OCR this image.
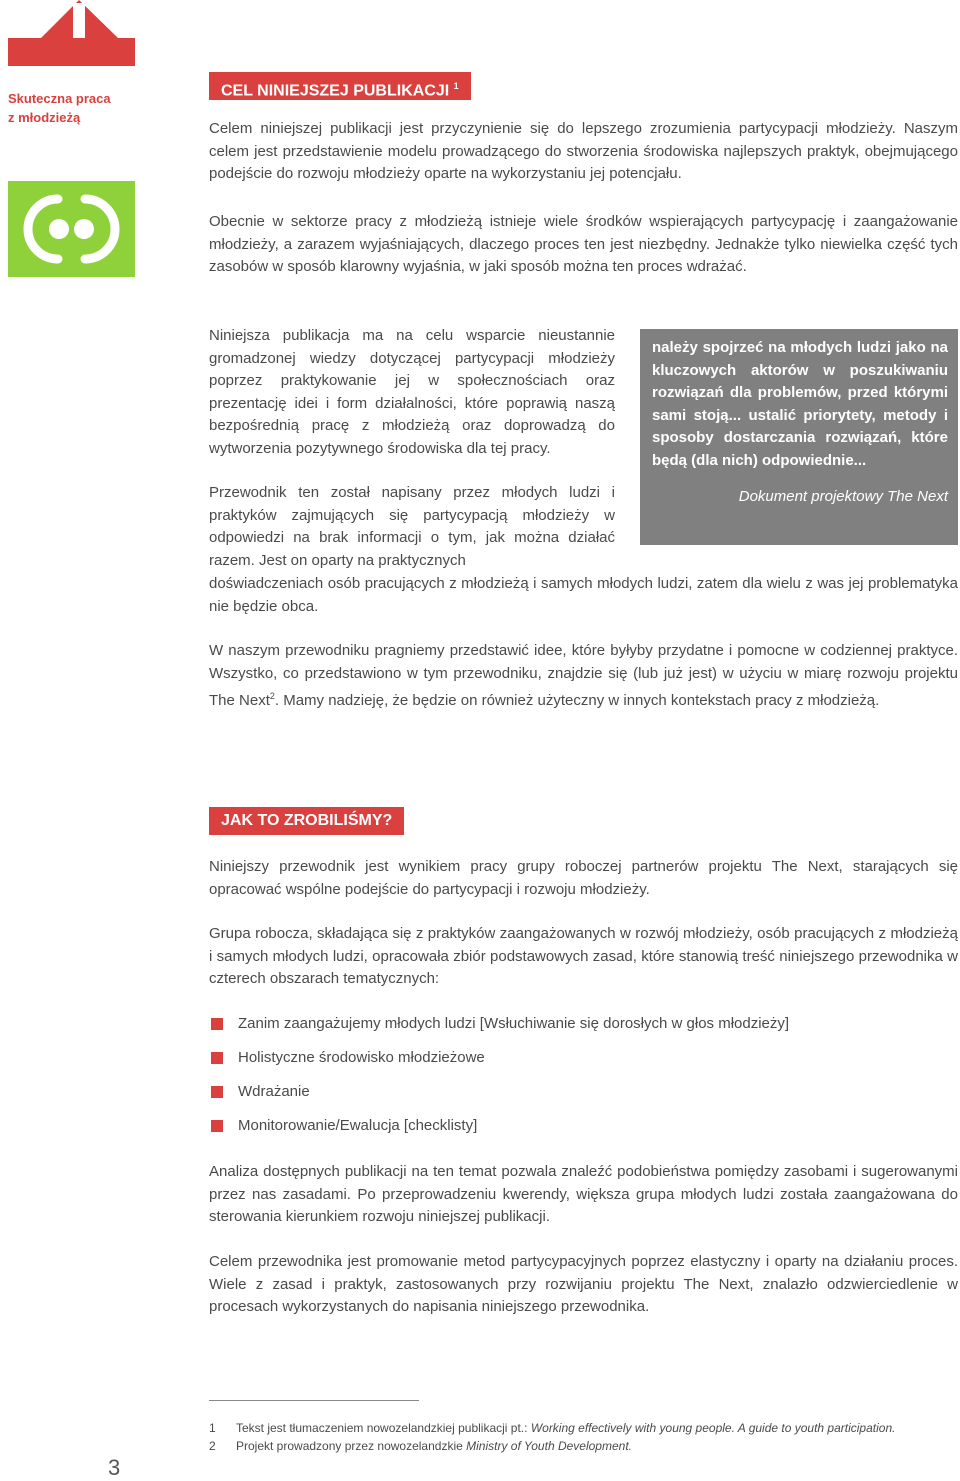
Skuteczna praca
z młodzieżą
CEL NINIEJSZEJ PUBLIKACJI $^1$
Celem niniejszej publikacji jest przyczynienie się do lepszego zrozumienia partycypacji młodzieży. Naszym celem jest przedstawienie modelu prowadzącego do stworzenia środowiska najlepszych praktyk, obejmującego podejście do rozwoju młodzieży oparte na wykorzystaniu jej potencjału.
Obecnie w sektorze pracy z młodzieżą istnieje wiele środków wspierających partycypację i zaangażowanie młodzieży, a zarazem wyjaśniających, dlaczego proces ten jest niezbędny. Jednakże tylko niewielka część tych zasobów w sposób klarowny wyjaśnia, w jaki sposób można ten proces wdrażać.
Niniejsza publikacja ma na celu wsparcie nieustannie gromadzonej wiedzy dotyczącej partycypacji młodzieży poprzez praktykowanie jej w społecznościach oraz prezentację idei i form działalności, które poprawią naszą bezpośrednią pracę z młodzieżą oraz doprowadzą do wytworzenia pozytywnego środowiska dla tej pracy.
Przewodnik ten został napisany przez młodych ludzi i praktyków zajmujących się partycypacją młodzieży w odpowiedzi na brak informacji o tym, jak można działać razem. Jest on oparty na praktycznych
doświadczeniach osób pracujących z młodzieżą i samych młodych ludzi, zatem dla wielu z was jej problematyka nie będzie obca.
należy spojrzeć na młodych ludzi jako na kluczowych aktorów w poszukiwaniu rozwiązań dla problemów, przed którymi sami stoją... ustalić priorytety, metody i sposoby dostarczania rozwiązań, które będą (dla nich) odpowiednie...
Dokument projektowy The Next
W naszym przewodniku pragniemy przedstawić idee, które byłyby przydatne i pomocne w codziennej praktyce. Wszystko, co przedstawiono w tym przewodniku, znajdzie się (lub już jest) w użyciu w miarę rozwoju projektu The Next$^2$. Mamy nadzieję, że będzie on również użyteczny w innych kontekstach pracy z młodzieżą.
JAK TO ZROBILIŚMY?
Niniejszy przewodnik jest wynikiem pracy grupy roboczej partnerów projektu The Next, starających się opracować wspólne podejście do partycypacji i rozwoju młodzieży.
Grupa robocza, składająca się z praktyków zaangażowanych w rozwój młodzieży, osób pracujących z młodzieżą i samych młodych ludzi, opracowała zbiór podstawowych zasad, które stanowią treść niniejszego przewodnika w czterech obszarach tematycznych:
Zanim zaangażujemy młodych ludzi [Wsłuchiwanie się dorosłych w głos młodzieży]
Holistyczne środowisko młodzieżowe
Wdrażanie
Monitorowanie/Ewalucja [checklisty]
Analiza dostępnych publikacji na ten temat pozwala znaleźć podobieństwa pomiędzy zasobami i sugerowanymi przez nas zasadami. Po przeprowadzeniu kwerendy, większa grupa młodych ludzi została zaangażowana do sterowania kierunkiem rozwoju niniejszej publikacji.
Celem przewodnika jest promowanie metod partycypacyjnych poprzez elastyczny i oparty na działaniu proces. Wiele z zasad i praktyk, zastosowanych przy rozwijaniu projektu The Next, znalazło odzwierciedlenie w procesach wykorzystanych do napisania niniejszego przewodnika.
1 Tekst jest tłumaczeniem nowozelandzkiej publikacji pt.: Working effectively with young people. A guide to youth participation.
2 Projekt prowadzony przez nowozelandzkie Ministry of Youth Development.
3
